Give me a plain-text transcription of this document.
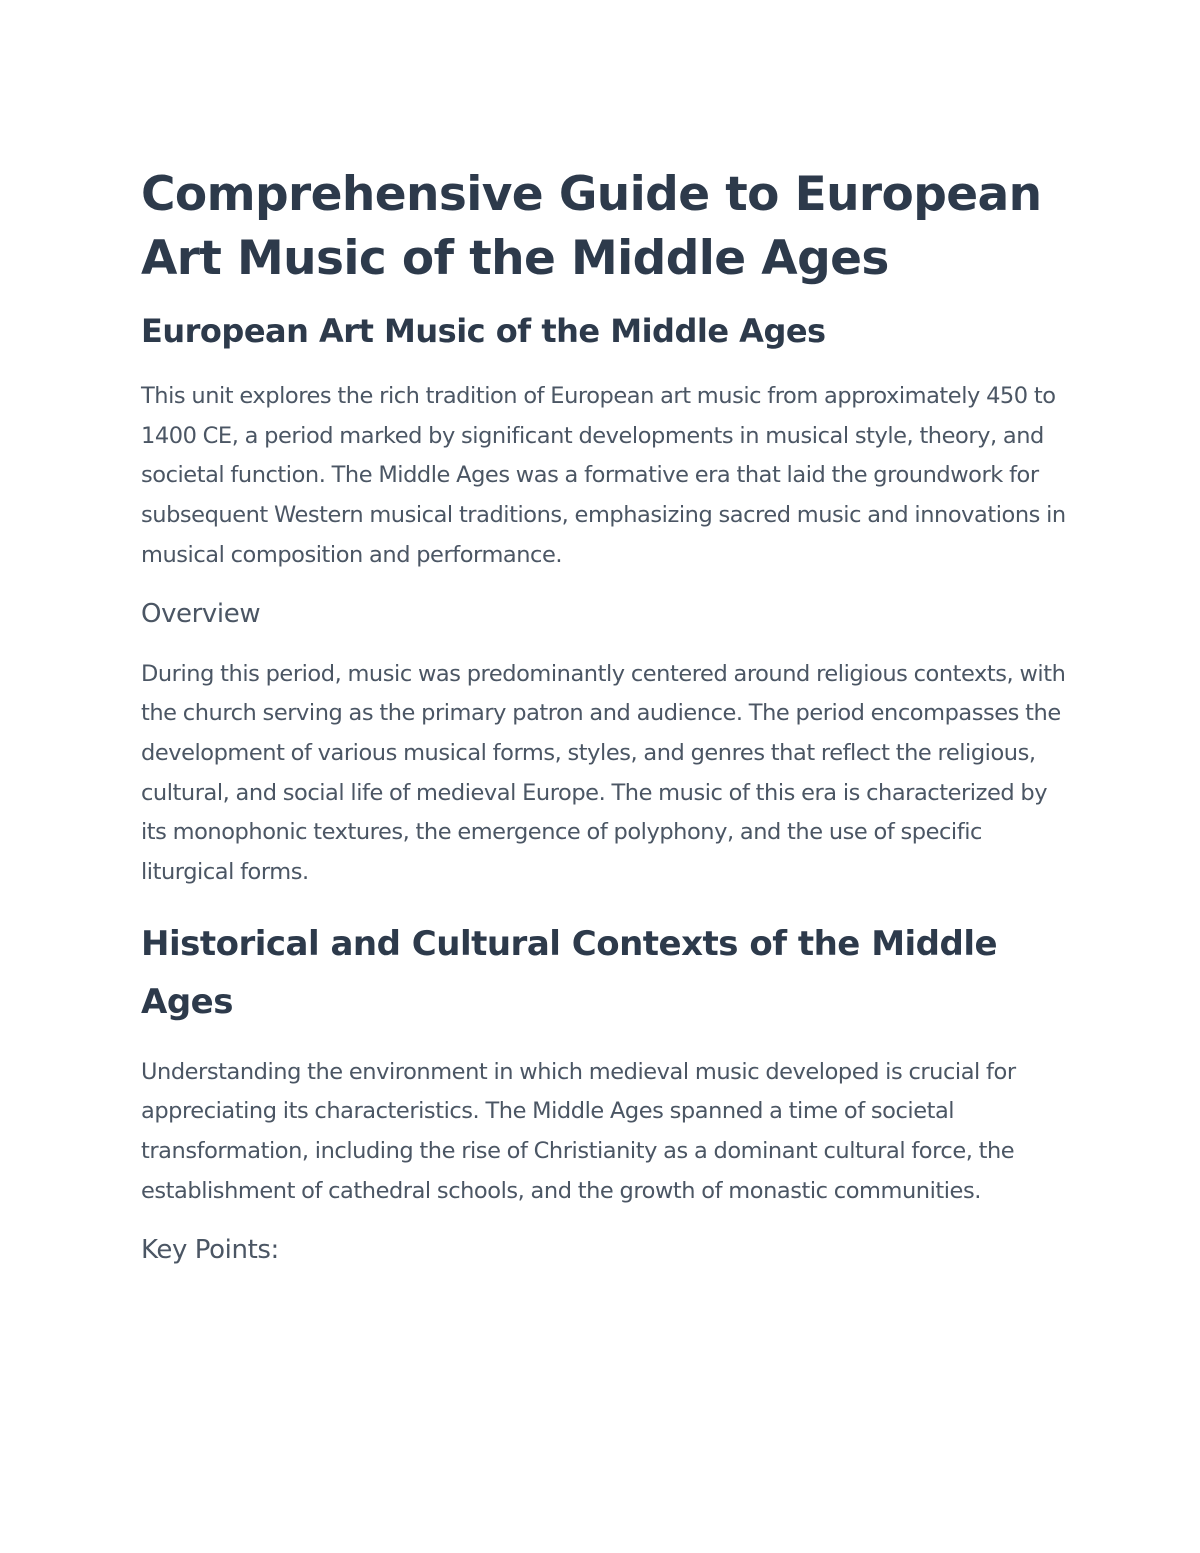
Comprehensive Guide to European Art Music of the Middle Ages
European Art Music of the Middle Ages

This unit explores the rich tradition of European art music from approximately 450 to 1400 CE, a period marked by significant developments in musical style, theory, and societal function. The Middle Ages was a formative era that laid the groundwork for subsequent Western musical traditions, emphasizing sacred music and innovations in musical composition and performance.

Overview

During this period, music was predominantly centered around religious contexts, with the church serving as the primary patron and audience. The period encompasses the development of various musical forms, styles, and genres that reflect the religious, cultural, and social life of medieval Europe. The music of this era is characterized by its monophonic textures, the emergence of polyphony, and the use of specific liturgical forms.

Historical and Cultural Contexts of the Middle Ages

Understanding the environment in which medieval music developed is crucial for appreciating its characteristics. The Middle Ages spanned a time of societal transformation, including the rise of Christianity as a dominant cultural force, the establishment of cathedral schools, and the growth of monastic communities.

Key Points:
